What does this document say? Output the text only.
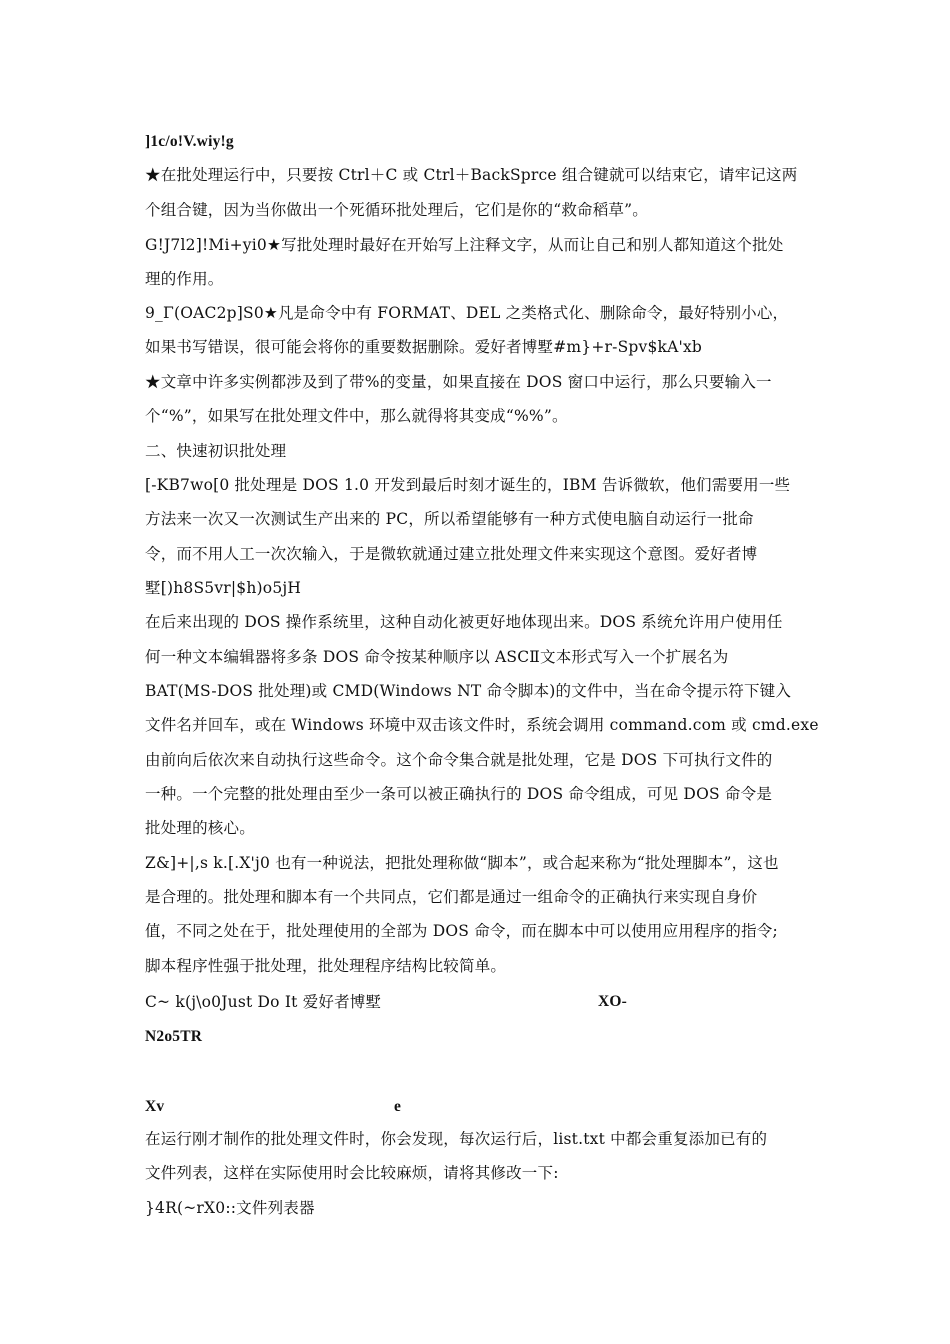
]1c/o!V.wiy!g
★在批处理运行中，只要按 Ctrl＋C 或 Ctrl＋BackSprce 组合键就可以结束它，请牢记这两
个组合键，因为当你做出一个死循环批处理后，它们是你的“救命稻草”。
G!J7l2]!Mi+yi0★写批处理时最好在开始写上注释文字，从而让自己和别人都知道这个批处
理的作用。
9_Γ(OAC2p]S0★凡是命令中有 FORMAT、DEL 之类格式化、删除命令，最好特别小心，
如果书写错误，很可能会将你的重要数据删除。爱好者博墅#m}+r-Spv$kA'xb
★文章中许多实例都涉及到了带%的变量，如果直接在 DOS 窗口中运行，那么只要输入一
个“%”，如果写在批处理文件中，那么就得将其变成“%%”。
二、快速初识批处理
[-KB7wo[0 批处理是 DOS 1.0 开发到最后时刻才诞生的，IBM 告诉微软，他们需要用一些
方法来一次又一次测试生产出来的 PC，所以希望能够有一种方式使电脑自动运行一批命
令，而不用人工一次次输入，于是微软就通过建立批处理文件来实现这个意图。爱好者博
墅[)h8S5vr|$h)o5jH
在后来出现的 DOS 操作系统里，这种自动化被更好地体现出来。DOS 系统允许用户使用任
何一种文本编辑器将多条 DOS 命令按某种顺序以 ASCⅡ文本形式写入一个扩展名为
BAT(MS-DOS 批处理)或 CMD(Windows NT 命令脚本)的文件中，当在命令提示符下键入
文件名并回车，或在 Windows 环境中双击该文件时，系统会调用 command.com 或 cmd.exe
由前向后依次来自动执行这些命令。这个命令集合就是批处理，它是 DOS 下可执行文件的
一种。一个完整的批处理由至少一条可以被正确执行的 DOS 命令组成，可见 DOS 命令是
批处理的核心。
Z&]+|,s k.[.X'j0 也有一种说法，把批处理称做“脚本”，或合起来称为“批处理脚本”，这也
是合理的。批处理和脚本有一个共同点，它们都是通过一组命令的正确执行来实现自身价
值，不同之处在于，批处理使用的全部为 DOS 命令，而在脚本中可以使用应用程序的指令;
脚本程序性强于批处理，批处理程序结构比较简单。
C~ k(j\o0Just Do It 爱好者博墅	XO-
N2o5TR
Xv	e
在运行刚才制作的批处理文件时，你会发现，每次运行后，list.txt 中都会重复添加已有的
文件列表，这样在实际使用时会比较麻烦，请将其修改一下:
}4R(~rX0::文件列表器
